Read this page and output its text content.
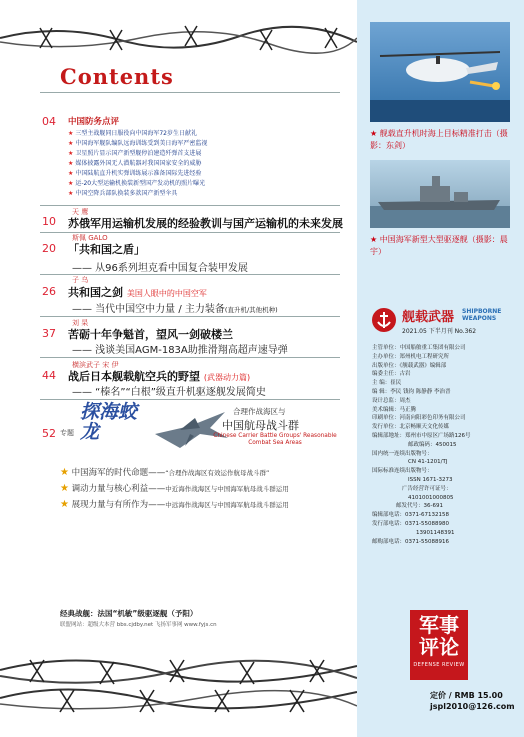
Contents
04 中国防务点评
★ 三型主战舰同日服役向中国海军72岁生日献礼
★ 中国海军舰队编队远海训练受到美日海军严密监视
★ 卫星照片显示国产新型舰停泊建造歼弹首支进展
★ 媒体披露外国无人潜航器对我国国家安全的威胁
★ 中国陆航直升机实弹训练展示准备国际先进经验
★ 运-20大型运输机换装新型国产发动机的照片曝光
★ 中国空降兵部队换装多款国产新型伞具
天 鹰
10 苏俄军用运输机发展的经验教训与国产运输机的未来发展
斯佩 GALO
20 「共和国之盾」
—— 从96系列坦克看中国复合装甲发展
子 乌
26 共和国之剑 美国人眼中的中国空军
—— 当代中国空中力量 / 主力装备(直升机/其他机种)
刘 杲
37 苦砺十年争魁首，望风一剑破楼兰
—— 浅谈美国AGM-183A助推滑翔高超声速导弹
横滨武子 宋 伊
44 战后日本舰载航空兵的野望 (武器动力篇)
—— “榛名”“白根”级直升机驱逐舰发展简史
52 专题
探海蛟龙
合理作战海区与
中国航母战斗群
Chinese Carrier Battle Groups' Reasonable Combat Sea Areas
★ 中国海军的时代命题——“合理作战海区有效运作航母战斗群”
★ 调动力量与核心利益——中近海作战海区与中国海军航母战斗群运用
★ 展现力量与有所作为——中远海作战海区与中国海军航母战斗群运用
经典战舰：法国“机敏”级驱逐舰（予阳）
联盟网站：超级大本营 bbs.cjdby.net 飞扬军事网 www.fyjs.cn
★ 舰载直升机时海上目标精准打击（摄影：东剑）
★ 中国海军新型大型驱逐舰（摄影：晨宇）
舰载武器 SHIPBORNE WEAPONS
2021.05 下半月刊 No.362
主管单位：中国船舶重工集团有限公司
主办单位：郑州机电工程研究所
出版单位：《舰载武器》编辑部
编委主任：古岩
主 编：崔民
编 辑：李民 钱钧 陈静静 李治晋
设计总监：周杰
美术编辑：马正腾
印刷单位：河南向阳彩色印务有限公司
发行单位：北京畅顺天文化传媒
编辑部地址：郑州市中原区广场路126号
邮政编码：450015
国内统一连续出版物号：
CN 41-1201/TJ
国际标准连续出版物号：
ISSN 1671-3273
广告经营许可证号：
4101001000805
邮发代号：36-691
编辑部电话：0371-67132158
发行部电话：0371-55088980
13901148391
邮购部电话：0371-55088916
军事
评论
DEFENSE REVIEW
定价 / RMB 15.00
jspl2010@126.com
